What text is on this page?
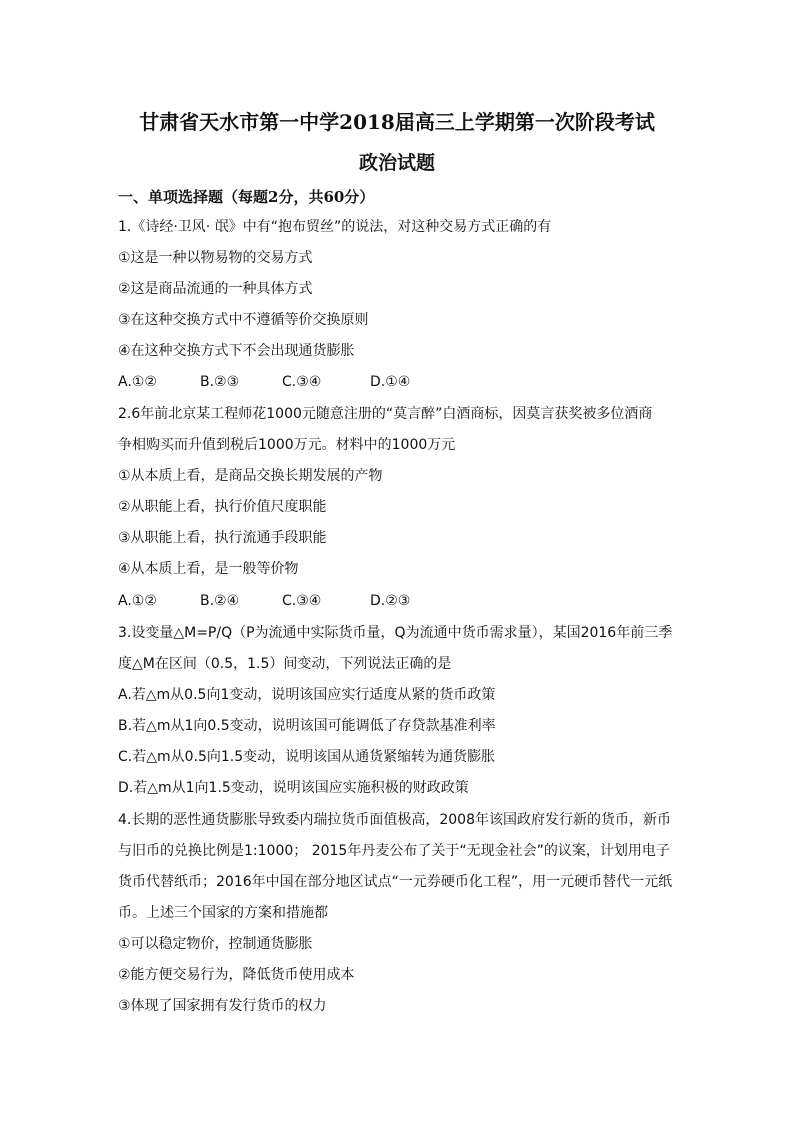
甘肃省天水市第一中学2018届高三上学期第一次阶段考试
政治试题
一、单项选择题（每题2分，共60分）
1.《诗经·卫风· 氓》中有“抱布贸丝”的说法，对这种交易方式正确的有
①这是一种以物易物的交易方式
②这是商品流通的一种具体方式
③在这种交换方式中不遵循等价交换原则
④在这种交换方式下不会出现通货膨胀
A.①②	B.②③	C.③④	D.①④
2.6年前北京某工程师花1000元随意注册的“莫言醉”白酒商标，因莫言获奖被多位酒商
争相购买而升值到税后1000万元。材料中的1000万元
①从本质上看，是商品交换长期发展的产物
②从职能上看，执行价值尺度职能
③从职能上看，执行流通手段职能
④从本质上看，是一般等价物
A.①②	B.②④	C.③④	D.②③
3.设变量△M=P/Q（P为流通中实际货币量，Q为流通中货币需求量），某国2016年前三季
度△M在区间（0.5，1.5）间变动，下列说法正确的是
A.若△m从0.5向1变动，说明该国应实行适度从紧的货币政策
B.若△m从1向0.5变动，说明该国可能调低了存贷款基准利率
C.若△m从0.5向1.5变动，说明该国从通货紧缩转为通货膨胀
D.若△m从1向1.5变动，说明该国应实施积极的财政政策
4.长期的恶性通货膨胀导致委内瑞拉货币面值极高，2008年该国政府发行新的货币，新币
与旧币的兑换比例是1:1000； 2015年丹麦公布了关于“无现金社会”的议案，计划用电子
货币代替纸币；2016年中国在部分地区试点“一元券硬币化工程”，用一元硬币替代一元纸
币。上述三个国家的方案和措施都
①可以稳定物价，控制通货膨胀
②能方便交易行为，降低货币使用成本
③体现了国家拥有发行货币的权力
